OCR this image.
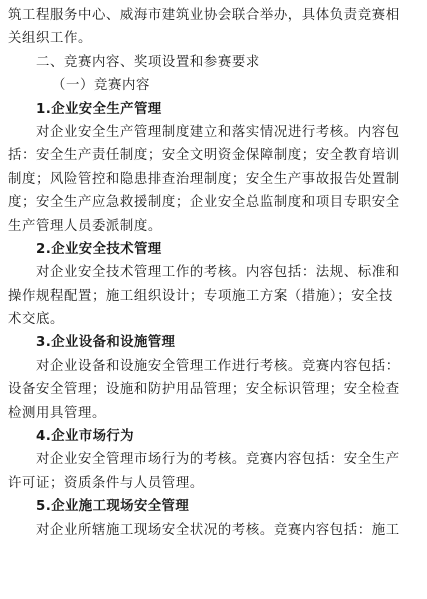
筑工程服务中心、威海市建筑业协会联合举办，具体负责竞赛相
关组织工作。
二、竞赛内容、奖项设置和参赛要求
（一）竞赛内容
1.企业安全生产管理
对企业安全生产管理制度建立和落实情况进行考核。内容包
括：安全生产责任制度；安全文明资金保障制度；安全教育培训
制度；风险管控和隐患排查治理制度；安全生产事故报告处置制
度；安全生产应急救援制度；企业安全总监制度和项目专职安全
生产管理人员委派制度。
2.企业安全技术管理
对企业安全技术管理工作的考核。内容包括：法规、标准和
操作规程配置；施工组织设计；专项施工方案（措施）；安全技
术交底。
3.企业设备和设施管理
对企业设备和设施安全管理工作进行考核。竞赛内容包括：
设备安全管理；设施和防护用品管理；安全标识管理；安全检查
检测用具管理。
4.企业市场行为
对企业安全管理市场行为的考核。竞赛内容包括：安全生产
许可证；资质条件与人员管理。
5.企业施工现场安全管理
对企业所辖施工现场安全状况的考核。竞赛内容包括：施工
